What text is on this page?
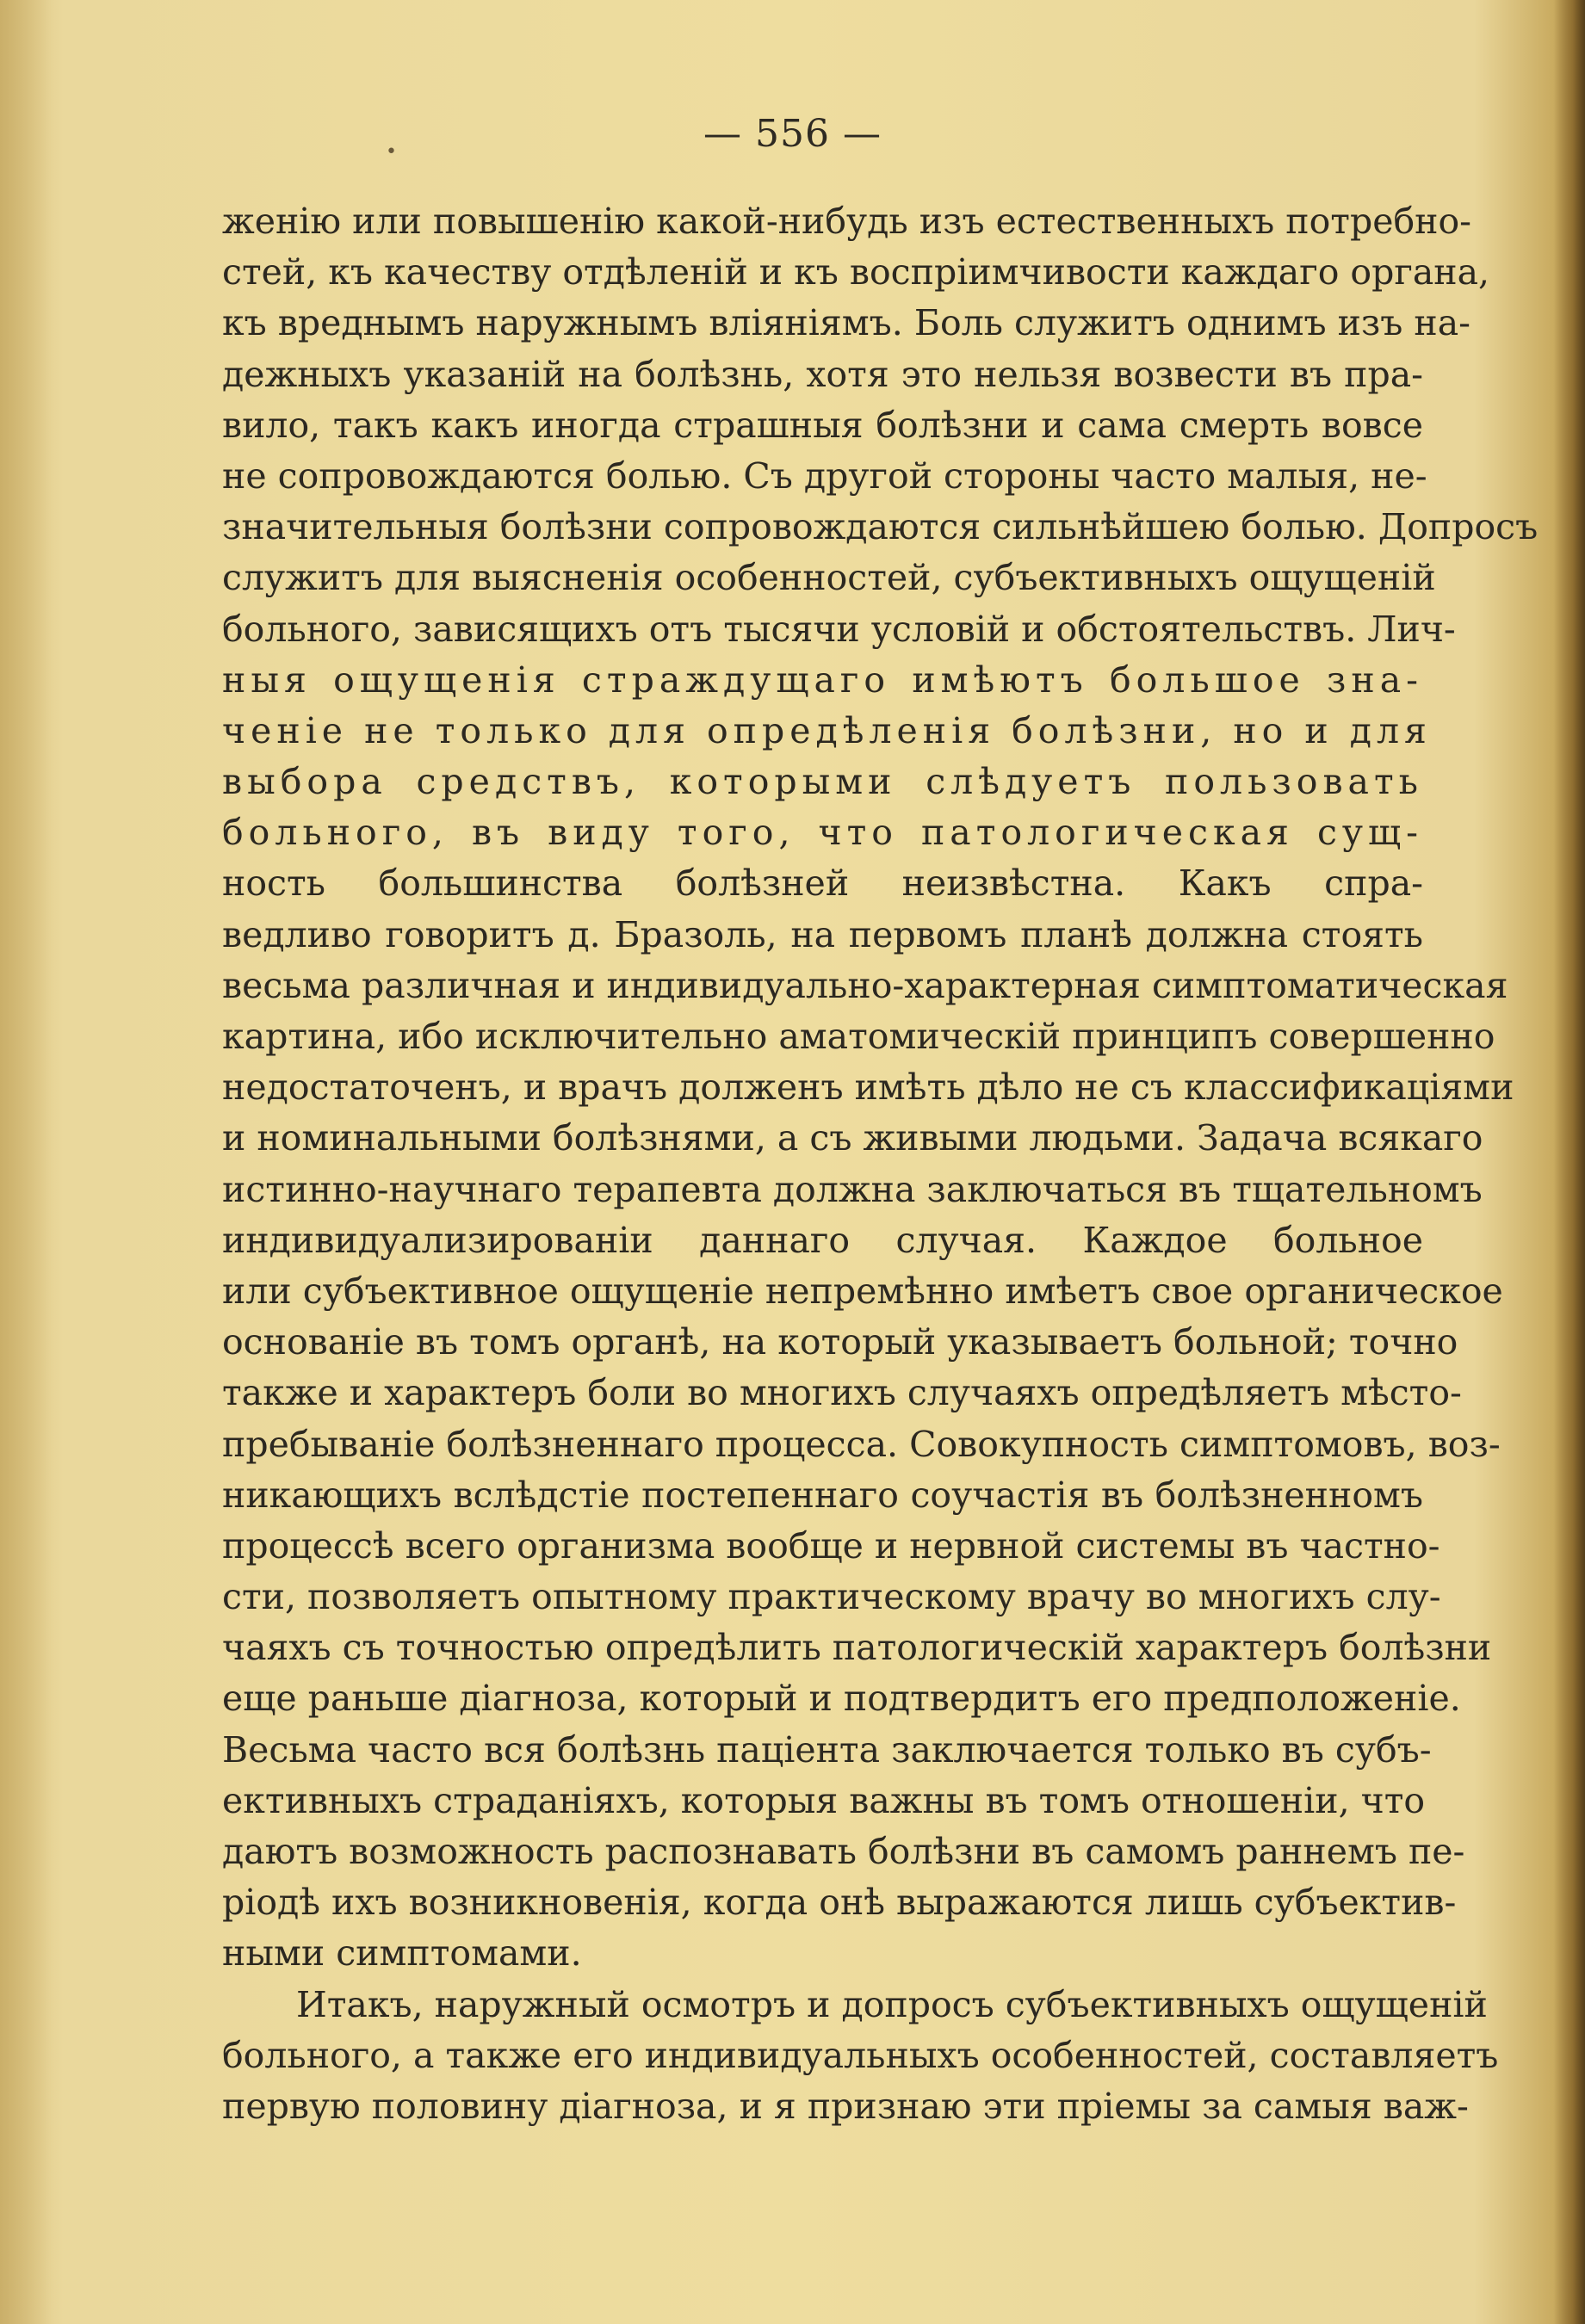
— 556 —
•
женію или повышенію какой-нибудь изъ естественныхъ потребно-
стей, къ качеству отдѣленій и къ воспріимчивости каждаго органа,
къ вреднымъ наружнымъ вліяніямъ. Боль служитъ однимъ изъ на-
дежныхъ указаній на болѣзнь, хотя это нельзя возвести въ пра-
вило, такъ какъ иногда страшныя болѣзни и сама смерть вовсе
не сопровождаются болью. Съ другой стороны часто малыя, не-
значительныя болѣзни сопровождаются сильнѣйшею болью. Допросъ
служитъ для выясненія особенностей, субъективныхъ ощущеній
больного, зависящихъ отъ тысячи условій и обстоятельствъ. Лич-
ныя ощущенія страждущаго имѣютъ большое зна-
ченіе не только для опредѣленія болѣзни, но и для
выбора средствъ, которыми слѣдуетъ пользовать
больного, въ виду того, что патологическая сущ-
ность большинства болѣзней неизвѣстна. Какъ спра-
ведливо говоритъ д. Бразоль, на первомъ планѣ должна стоять
весьма различная и индивидуально-характерная симптоматическая
картина, ибо исключительно аматомическій принципъ совершенно
недостаточенъ, и врачъ долженъ имѣть дѣло не съ классификаціями
и номинальными болѣзнями, а съ живыми людьми. Задача всякаго
истинно-научнаго терапевта должна заключаться въ тщательномъ
индивидуализированіи даннаго случая. Каждое больное
или субъективное ощущеніе непремѣнно имѣетъ свое органическое
основаніе въ томъ органѣ, на который указываетъ больной; точно
также и характеръ боли во многихъ случаяхъ опредѣляетъ мѣсто-
пребываніе болѣзненнаго процесса. Совокупность симптомовъ, воз-
никающихъ вслѣдстіе постепеннаго соучастія въ болѣзненномъ
процессѣ всего организма вообще и нервной системы въ частно-
сти, позволяетъ опытному практическому врачу во многихъ слу-
чаяхъ съ точностью опредѣлить патологическій характеръ болѣзни
еще раньше діагноза, который и подтвердитъ его предположеніе.
Весьма часто вся болѣзнь паціента заключается только въ субъ-
ективныхъ страданіяхъ, которыя важны въ томъ отношеніи, что
даютъ возможность распознавать болѣзни въ самомъ раннемъ пе-
ріодѣ ихъ возникновенія, когда онѣ выражаются лишь субъектив-
ными симптомами.
Итакъ, наружный осмотръ и допросъ субъективныхъ ощущеній
больного, а также его индивидуальныхъ особенностей, составляетъ
первую половину діагноза, и я признаю эти пріемы за самыя важ-
